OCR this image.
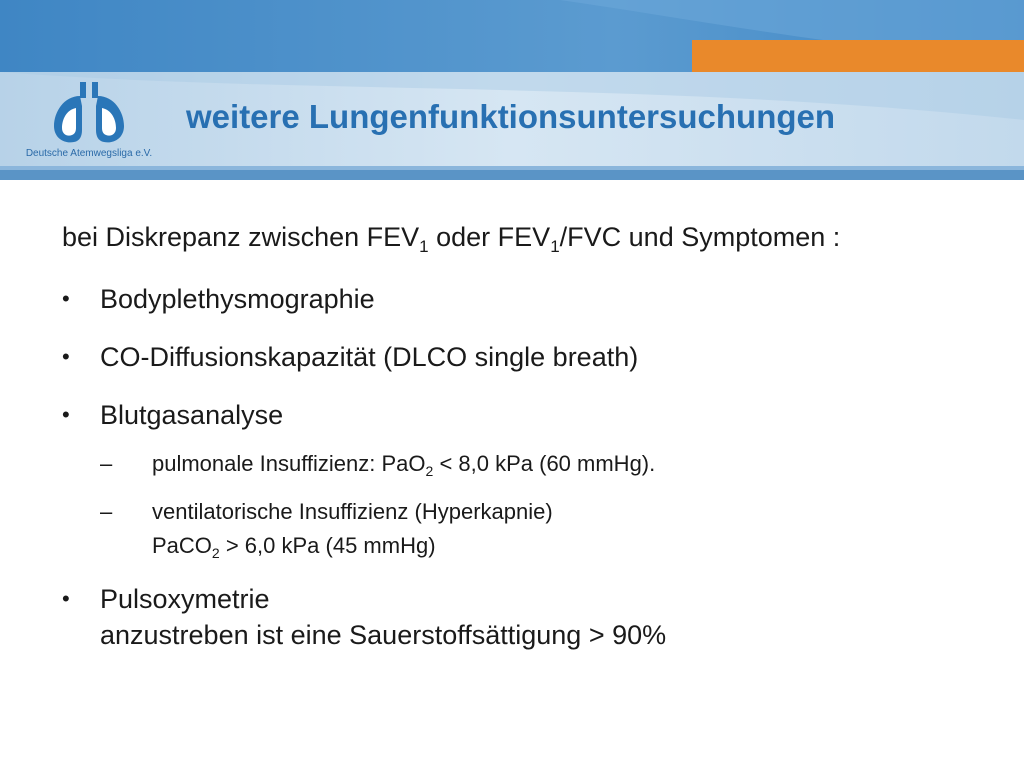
Deutsche Atemwegsliga e.V.
weitere Lungenfunktionsuntersuchungen
bei Diskrepanz zwischen $FEV_1$ oder $FEV_1$/FVC und Symptomen :
• Bodyplethysmographie
• CO-Diffusionskapazität (DLCO single breath)
• Blutgasanalyse
– pulmonale Insuffizienz: PaO$_2$ < 8,0 kPa (60 mmHg).
– ventilatorische Insuffizienz (Hyperkapnie)
PaCO$_2$ > 6,0 kPa (45 mmHg)
• Pulsoxymetrie
anzustreben ist eine Sauerstoffsättigung > 90%
